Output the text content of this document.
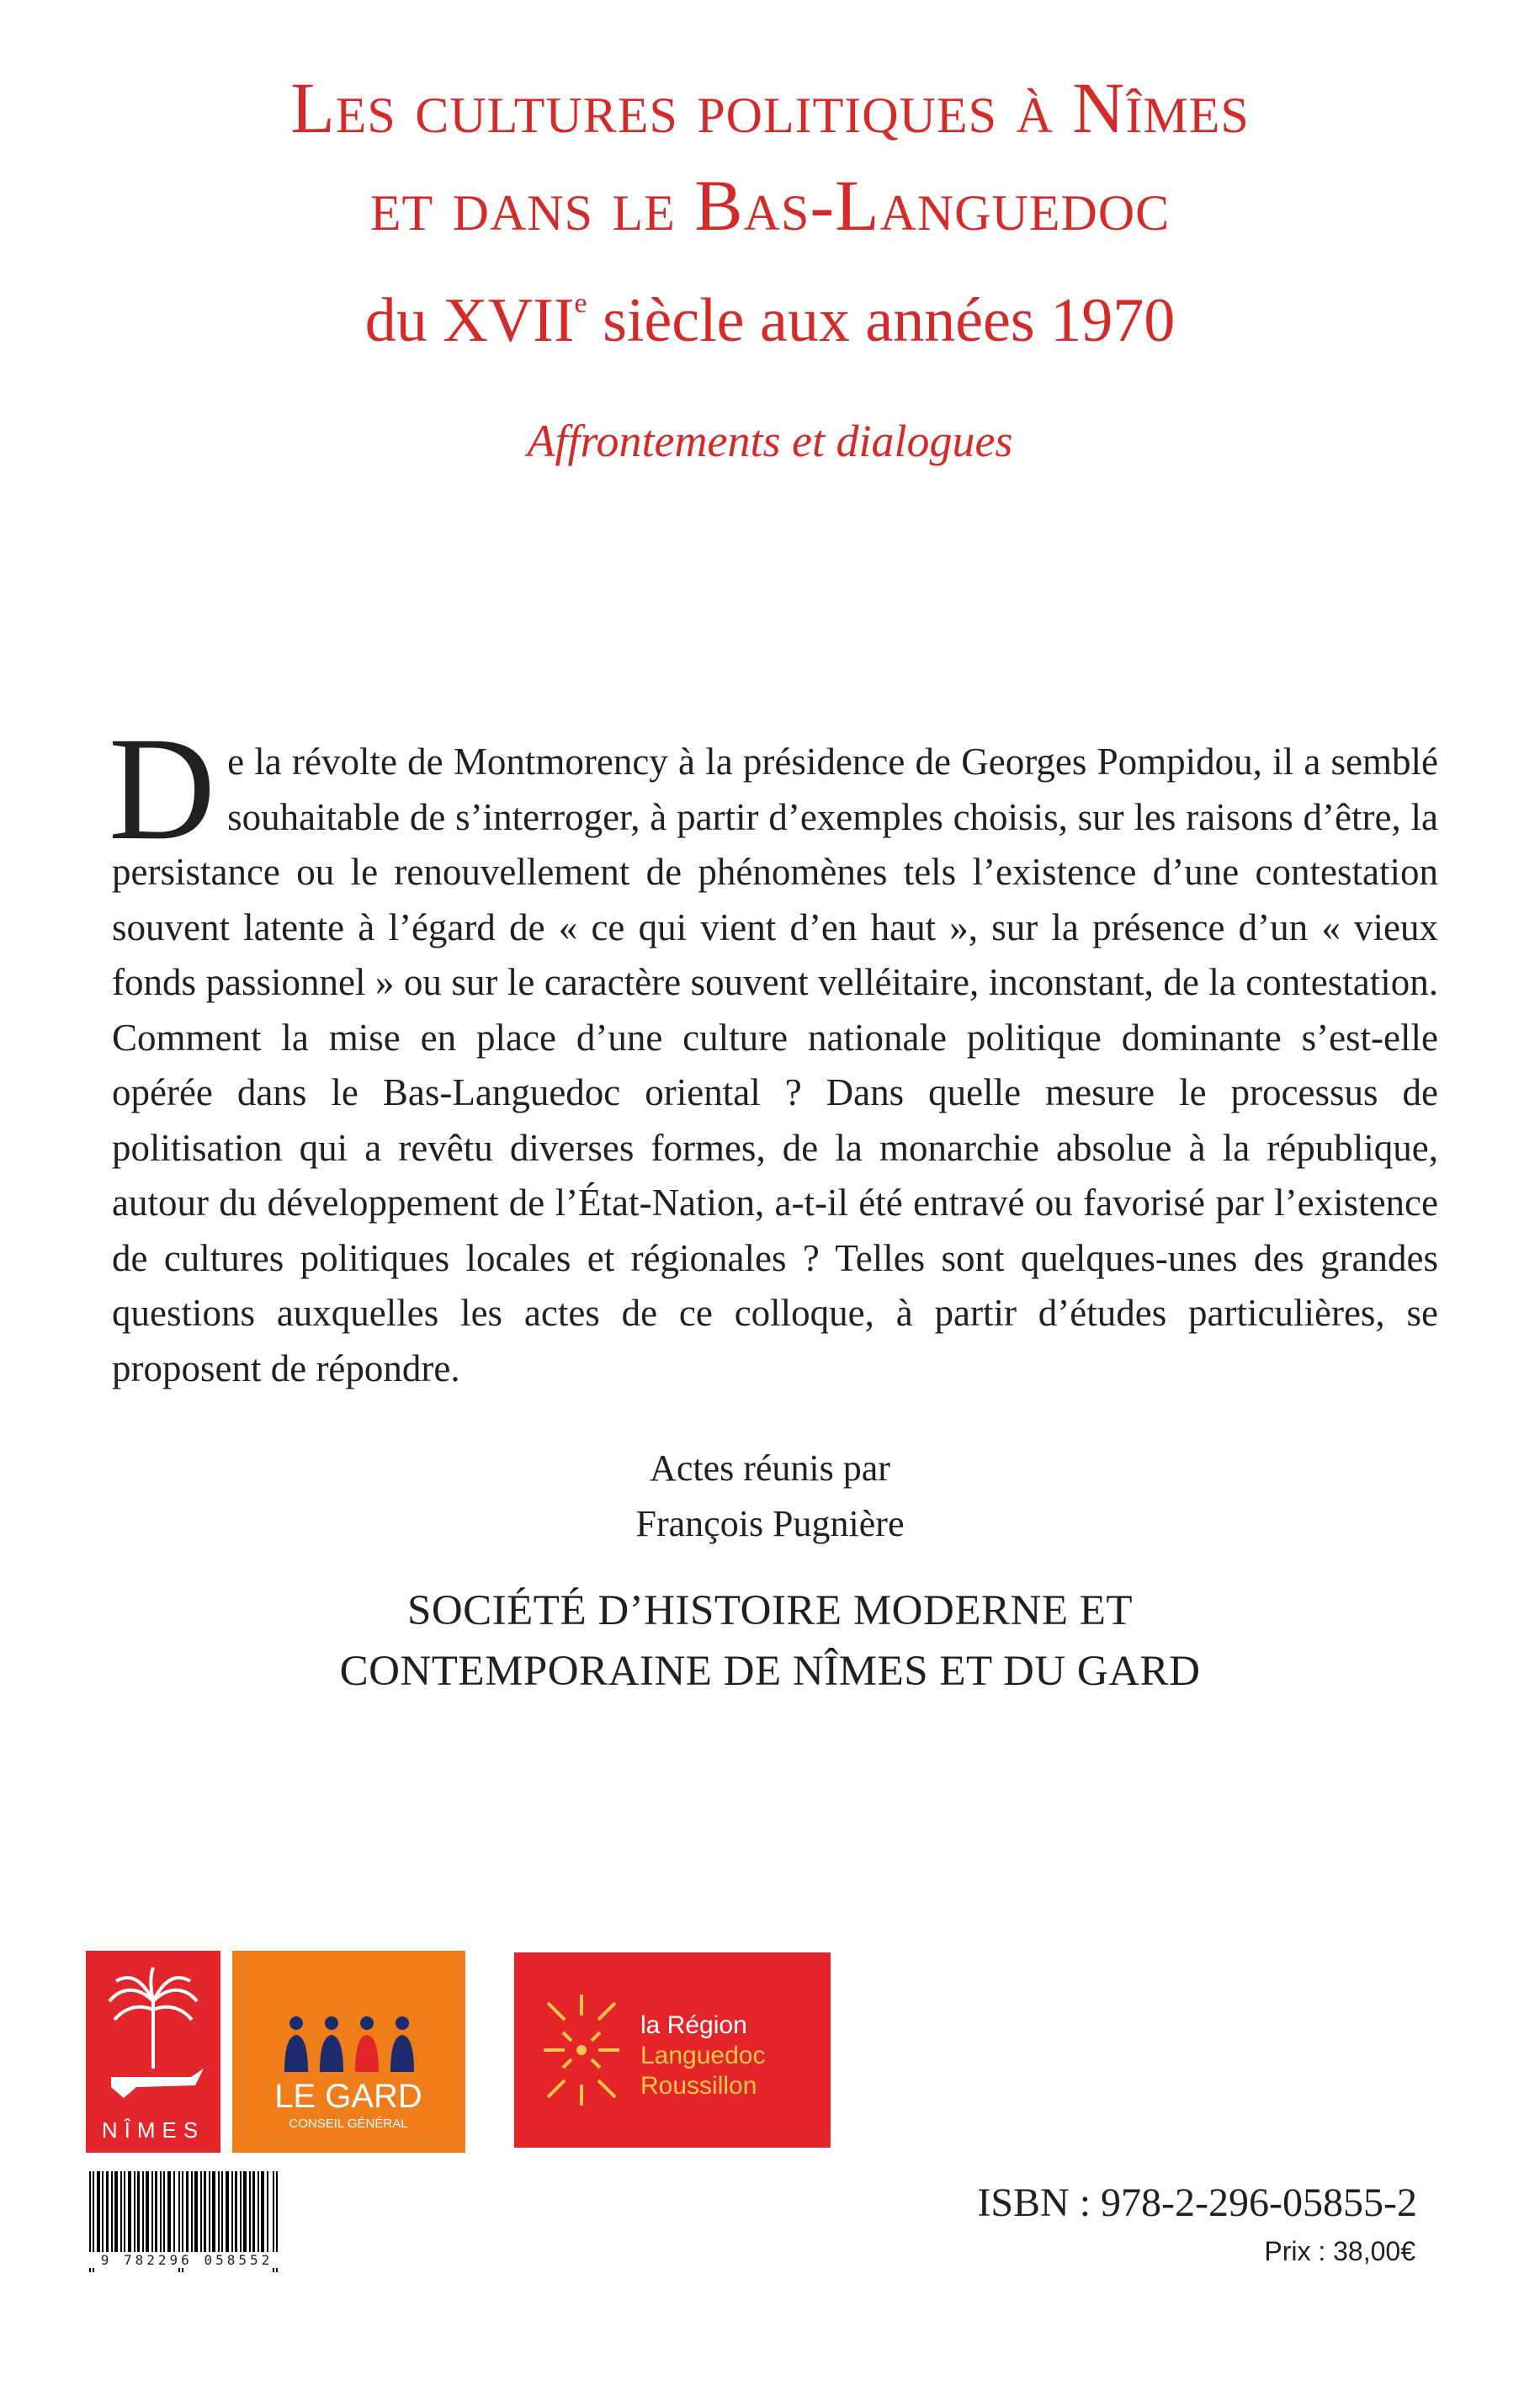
Les cultures politiques à Nîmes
et dans le Bas-Languedoc
du XVIIe siècle aux années 1970
Affrontements et dialogues

De la révolte de Montmorency à la présidence de Georges Pompidou, il a semblé souhaitable de s’interroger, à partir d’exemples choisis, sur les raisons d’être, la persistance ou le renouvellement de phénomènes tels l’existence d’une contestation souvent latente à l’égard de « ce qui vient d’en haut », sur la présence d’un « vieux fonds passionnel » ou sur le caractère souvent velléitaire, inconstant, de la contestation. Comment la mise en place d’une culture nationale politique dominante s’est-elle opérée dans le Bas-Languedoc oriental ? Dans quelle mesure le processus de politisation qui a revêtu diverses formes, de la monarchie absolue à la république, autour du développement de l’État-Nation, a-t-il été entravé ou favorisé par l’existence de cultures politiques locales et régionales ? Telles sont quelques-unes des grandes questions auxquelles les actes de ce colloque, à partir d’études particulières, se proposent de répondre.

Actes réunis par
François Pugnière
SOCIÉTÉ D’HISTOIRE MODERNE ET
CONTEMPORAINE DE NÎMES ET DU GARD
NÎMES
LE GARD
CONSEIL GÉNÉRAL
la Région
Languedoc
Roussillon
9 782296 058552
ISBN : 978-2-296-05855-2
Prix : 38,00€
